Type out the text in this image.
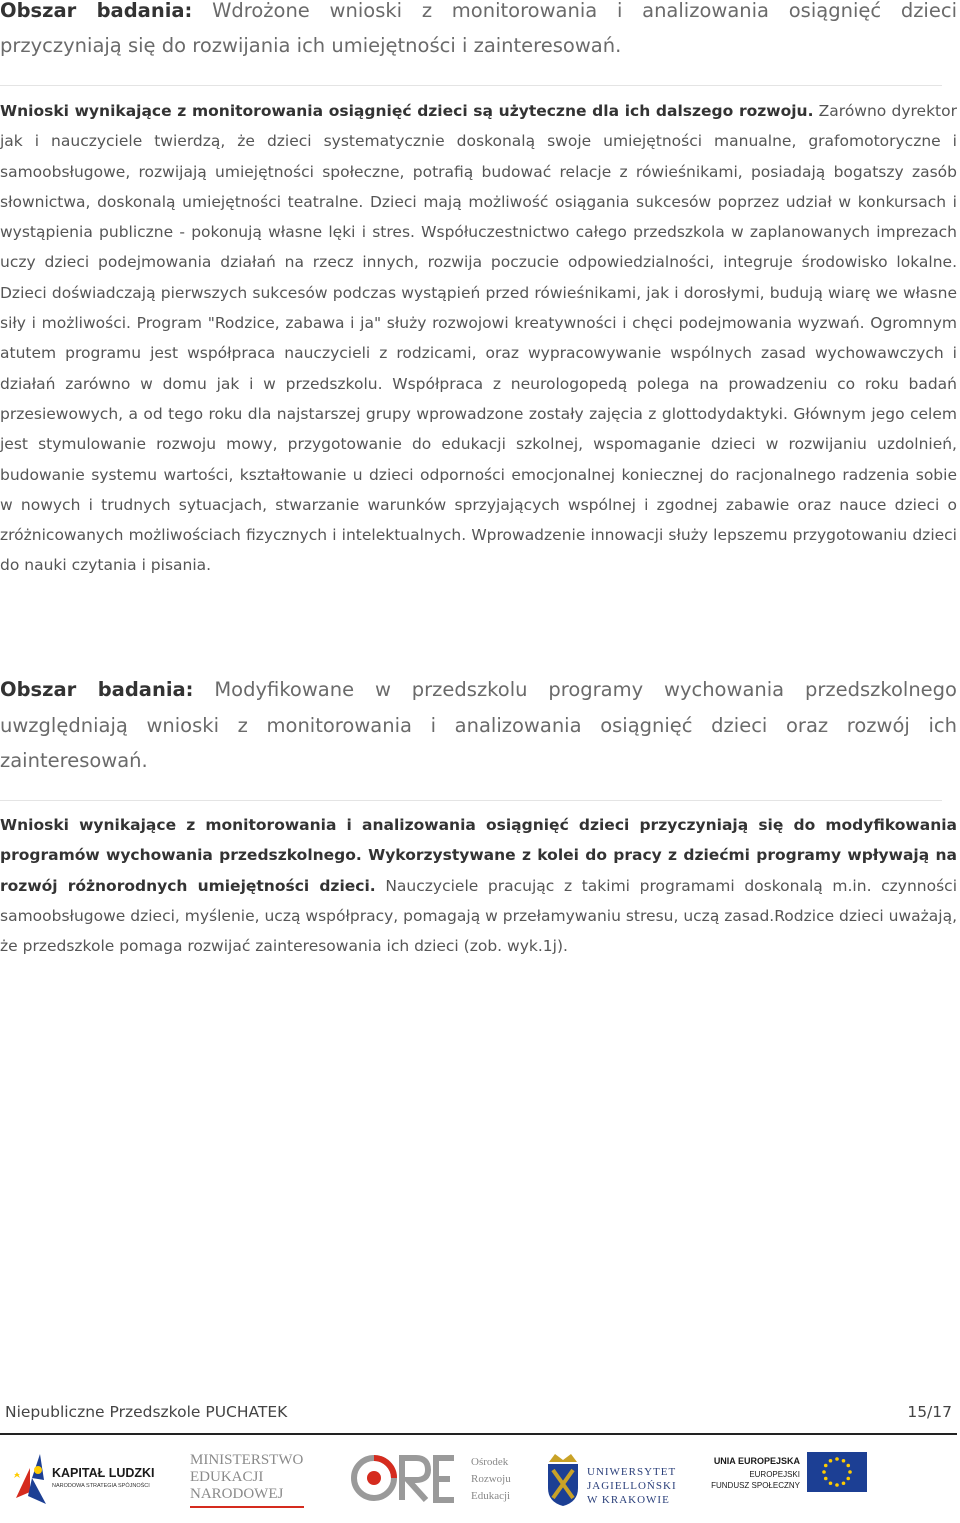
Obszar badania: Wdrożone wnioski z monitorowania i analizowania osiągnięć dzieci przyczyniają się do rozwijania ich umiejętności i zainteresowań.

Wnioski wynikające z monitorowania osiągnięć dzieci są użyteczne dla ich dalszego rozwoju. Zarówno dyrektor jak i nauczyciele twierdzą, że dzieci systematycznie doskonalą swoje umiejętności manualne, grafomotoryczne i samoobsługowe, rozwijają umiejętności społeczne, potrafią budować relacje z rówieśnikami, posiadają bogatszy zasób słownictwa, doskonalą umiejętności teatralne. Dzieci mają możliwość osiągania sukcesów poprzez udział w konkursach i wystąpienia publiczne - pokonują własne lęki i stres. Współuczestnictwo całego przedszkola w zaplanowanych imprezach uczy dzieci podejmowania działań na rzecz innych, rozwija poczucie odpowiedzialności, integruje środowisko lokalne. Dzieci doświadczają pierwszych sukcesów podczas wystąpień przed rówieśnikami, jak i dorosłymi, budują wiarę we własne siły i możliwości. Program "Rodzice, zabawa i ja" służy rozwojowi kreatywności i chęci podejmowania wyzwań. Ogromnym atutem programu jest współpraca nauczycieli z rodzicami, oraz wypracowywanie wspólnych zasad wychowawczych i działań zarówno w domu jak i w przedszkolu. Współpraca z neurologopedą polega na prowadzeniu co roku badań przesiewowych, a od tego roku dla najstarszej grupy wprowadzone zostały zajęcia z glottodydaktyki. Głównym jego celem jest stymulowanie rozwoju mowy, przygotowanie do edukacji szkolnej, wspomaganie dzieci w rozwijaniu uzdolnień, budowanie systemu wartości, kształtowanie u dzieci odporności emocjonalnej koniecznej do racjonalnego radzenia sobie w nowych i trudnych sytuacjach, stwarzanie warunków sprzyjających wspólnej i zgodnej zabawie oraz nauce dzieci o zróżnicowanych możliwościach fizycznych i intelektualnych. Wprowadzenie innowacji służy lepszemu przygotowaniu dzieci do nauki czytania i pisania.

Obszar badania: Modyfikowane w przedszkolu programy wychowania przedszkolnego uwzględniają wnioski z monitorowania i analizowania osiągnięć dzieci oraz rozwój ich zainteresowań.

Wnioski wynikające z monitorowania i analizowania osiągnięć dzieci przyczyniają się do modyfikowania programów wychowania przedszkolnego. Wykorzystywane z kolei do pracy z dziećmi programy wpływają na rozwój różnorodnych umiejętności dzieci. Nauczyciele pracując z takimi programami doskonalą m.in. czynności samoobsługowe dzieci, myślenie, uczą współpracy, pomagają w przełamywaniu stresu, uczą zasad.Rodzice dzieci uważają, że przedszkole pomaga rozwijać zainteresowania ich dzieci (zob. wyk.1j).

Niepubliczne Przedszkole PUCHATEK	15/17
KAPITAŁ LUDZKI
NARODOWA STRATEGIA SPÓJNOŚCI
MINISTERSTWO
EDUKACJI
NARODOWEJ
Ośrodek
Rozwoju
Edukacji
UNIWERSYTET
JAGIELLOŃSKI
W KRAKOWIE
UNIA EUROPEJSKA
EUROPEJSKI
FUNDUSZ SPOŁECZNY
